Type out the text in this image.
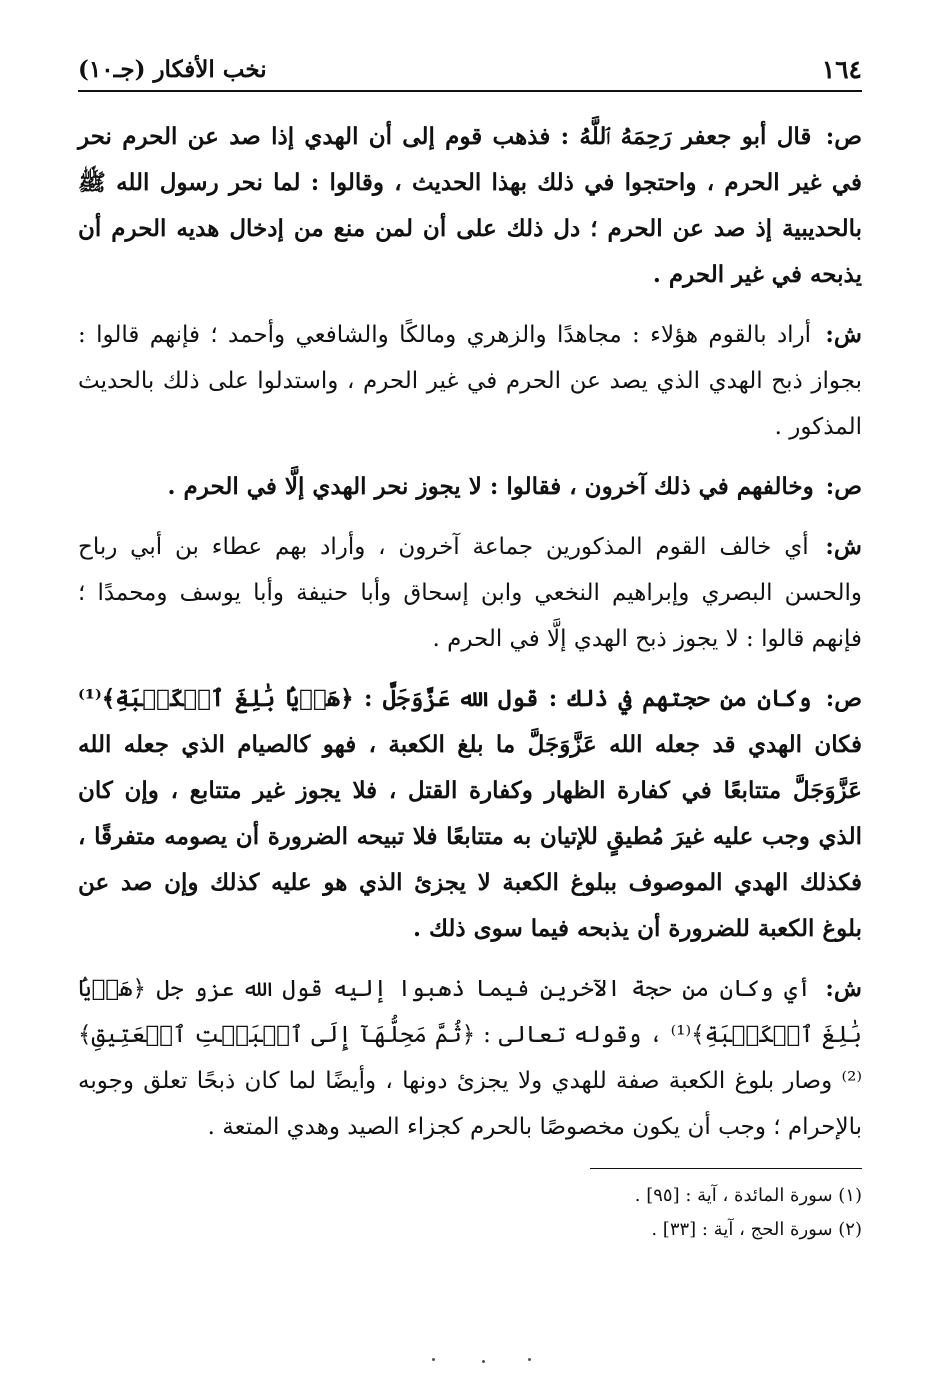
١٦٤
نخب الأفكار (جـ١٠)

ص: قال أبو جعفر رَحِمَهُ ٱللَّهُ : فذهب قوم إلى أن الهدي إذا صد عن الحرم نحر في غير الحرم ، واحتجوا في ذلك بهذا الحديث ، وقالوا : لما نحر رسول الله ﷺ بالحديبية إذ صد عن الحرم ؛ دل ذلك على أن لمن منع من إدخال هديه الحرم أن يذبحه في غير الحرم .

ش: أراد بالقوم هؤلاء : مجاهدًا والزهري ومالكًا والشافعي وأحمد ؛ فإنهم قالوا : بجواز ذبح الهدي الذي يصد عن الحرم في غير الحرم ، واستدلوا على ذلك بالحديث المذكور .

ص: وخالفهم في ذلك آخرون ، فقالوا : لا يجوز نحر الهدي إلَّا في الحرم .

ش: أي خالف القوم المذكورين جماعة آخرون ، وأراد بهم عطاء بن أبي رباح والحسن البصري وإبراهيم النخعي وابن إسحاق وأبا حنيفة وأبا يوسف ومحمدًا ؛ فإنهم قالوا : لا يجوز ذبح الهدي إلَّا في الحرم .

ص: وكان من حجتهم في ذلك : قول الله عَزَّوَجَلَّ : ﴿هَدۡيَۢا بَٰلِغَ ٱلۡكَعۡبَةِ﴾⁽¹⁾ فكان الهدي قد جعله الله عَزَّوَجَلَّ ما بلغ الكعبة ، فهو كالصيام الذي جعله الله عَزَّوَجَلَّ متتابعًا في كفارة الظهار وكفارة القتل ، فلا يجوز غير متتابع ، وإن كان الذي وجب عليه غيرَ مُطيقٍ للإتيان به متتابعًا فلا تبيحه الضرورة أن يصومه متفرقًا ، فكذلك الهدي الموصوف ببلوغ الكعبة لا يجزئ الذي هو عليه كذلك وإن صد عن بلوغ الكعبة للضرورة أن يذبحه فيما سوى ذلك .

ش: أي وكان من حجة الآخرين فيما ذهبوا إليه قول الله عزو جل ﴿هَدۡيَۢا بَٰلِغَ ٱلۡكَعۡبَةِ﴾⁽¹⁾ ، وقوله تعالى : ﴿ثُمَّ مَحِلُّهَآ إِلَى ٱلۡبَيۡتِ ٱلۡعَتِيقِ﴾⁽²⁾ وصار بلوغ الكعبة صفة للهدي ولا يجزئ دونها ، وأيضًا لما كان ذبحًا تعلق وجوبه بالإحرام ؛ وجب أن يكون مخصوصًا بالحرم كجزاء الصيد وهدي المتعة .

(١) سورة المائدة ، آية : [٩٥] .

(٢) سورة الحج ، آية : [٣٣] .
